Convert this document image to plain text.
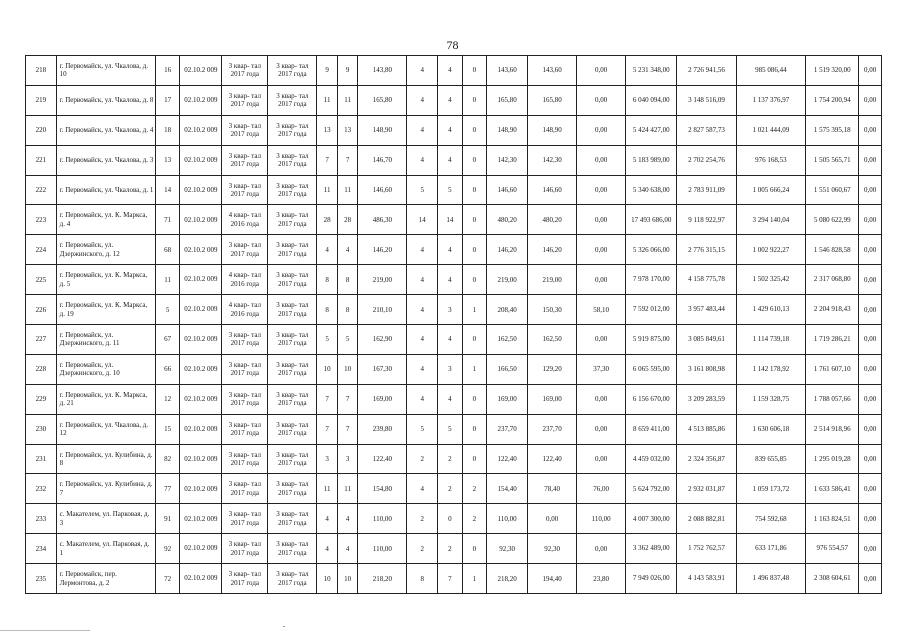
78
218	г. Первомайск, ул. Чкалова, д. 10	16	02.10.2 009	3 квар- тал 2017 года	3 квар- тал 2017 года	9	9	143,80	4	4	0	143,60	143,60	0,00	5 231 348,00	2 726 941,56	985 086,44	1 519 320,00	0,00
219	г. Первомайск, ул. Чкалова, д. 8	17	02.10.2 009	3 квар- тал 2017 года	3 квар- тал 2017 года	11	11	165,80	4	4	0	165,80	165,80	0,00	6 040 094,00	3 148 516,09	1 137 376,97	1 754 200,94	0,00
220	г. Первомайск, ул. Чкалова, д. 4	18	02.10.2 009	3 квар- тал 2017 года	3 квар- тал 2017 года	13	13	148,90	4	4	0	148,90	148,90	0,00	5 424 427,00	2 827 587,73	1 021 444,09	1 575 395,18	0,00
221	г. Первомайск, ул. Чкалова, д. 3	13	02.10.2 009	3 квар- тал 2017 года	3 квар- тал 2017 года	7	7	146,70	4	4	0	142,30	142,30	0,00	5 183 989,00	2 702 254,76	976 168,53	1 505 565,71	0,00
222	г. Первомайск, ул. Чкалова, д. 1	14	02.10.2 009	3 квар- тал 2017 года	3 квар- тал 2017 года	11	11	146,60	5	5	0	146,60	146,60	0,00	5 340 638,00	2 783 911,09	1 005 666,24	1 551 060,67	0,00
223	г. Первомайск, ул. К. Маркса, д. 4	71	02.10.2 009	4 квар- тал 2016 года	3 квар- тал 2017 года	28	28	486,30	14	14	0	480,20	480,20	0,00	17 493 686,00	9 118 922,97	3 294 140,04	5 080 622,99	0,00
224	г. Первомайск, ул. Дзержинского, д. 12	68	02.10.2 009	3 квар- тал 2017 года	3 квар- тал 2017 года	4	4	146,20	4	4	0	146,20	146,20	0,00	5 326 066,00	2 776 315,15	1 002 922,27	1 546 828,58	0,00
225	г. Первомайск, ул. К. Маркса, д. 5	11	02.10.2 009	4 квар- тал 2016 года	3 квар- тал 2017 года	8	8	219,00	4	4	0	219,00	219,00	0,00	7 978 170,00	4 158 775,78	1 502 325,42	2 317 068,80	0,00
226	г. Первомайск, ул. К. Маркса, д. 19	5	02.10.2 009	4 квар- тал 2016 года	3 квар- тал 2017 года	8	8	210,10	4	3	1	208,40	150,30	58,10	7 592 012,00	3 957 483,44	1 429 610,13	2 204 918,43	0,00
227	г. Первомайск, ул. Дзержинского, д. 11	67	02.10.2 009	3 квар- тал 2017 года	3 квар- тал 2017 года	5	5	162,90	4	4	0	162,50	162,50	0,00	5 919 875,00	3 085 849,61	1 114 739,18	1 719 286,21	0,00
228	г. Первомайск, ул. Дзержинского, д. 10	66	02.10.2 009	3 квар- тал 2017 года	3 квар- тал 2017 года	10	10	167,30	4	3	1	166,50	129,20	37,30	6 065 595,00	3 161 808,98	1 142 178,92	1 761 607,10	0,00
229	г. Первомайск, ул. К. Маркса, д. 21	12	02.10.2 009	3 квар- тал 2017 года	3 квар- тал 2017 года	7	7	169,00	4	4	0	169,00	169,00	0,00	6 156 670,00	3 209 283,59	1 159 328,75	1 788 057,66	0,00
230	г. Первомайск, ул. Чкалова, д. 12	15	02.10.2 009	3 квар- тал 2017 года	3 квар- тал 2017 года	7	7	239,80	5	5	0	237,70	237,70	0,00	8 659 411,00	4 513 885,86	1 630 606,18	2 514 918,96	0,00
231	г. Первомайск, ул. Кулибина, д. 8	82	02.10.2 009	3 квар- тал 2017 года	3 квар- тал 2017 года	3	3	122,40	2	2	0	122,40	122,40	0,00	4 459 032,00	2 324 356,87	839 655,85	1 295 019,28	0,00
232	г. Первомайск, ул. Кулибина, д. 7	77	02.10.2 009	3 квар- тал 2017 года	3 квар- тал 2017 года	11	11	154,80	4	2	2	154,40	78,40	76,00	5 624 792,00	2 932 031,87	1 059 173,72	1 633 586,41	0,00
233	с. Макателем, ул. Парковая, д. 3	91	02.10.2 009	3 квар- тал 2017 года	3 квар- тал 2017 года	4	4	110,00	2	0	2	110,00	0,00	110,00	4 007 300,00	2 088 882,81	754 592,68	1 163 824,51	0,00
234	с. Макателем, ул. Парковая, д. 1	92	02.10.2 009	3 квар- тал 2017 года	3 квар- тал 2017 года	4	4	110,00	2	2	0	92,30	92,30	0,00	3 362 489,00	1 752 762,57	633 171,86	976 554,57	0,00
235	г. Первомайск, пер. Лермонтова, д. 2	72	02.10.2 009	3 квар- тал 2017 года	3 квар- тал 2017 года	10	10	218,20	8	7	1	218,20	194,40	23,80	7 949 026,00	4 143 583,91	1 496 837,48	2 308 604,61	0,00
